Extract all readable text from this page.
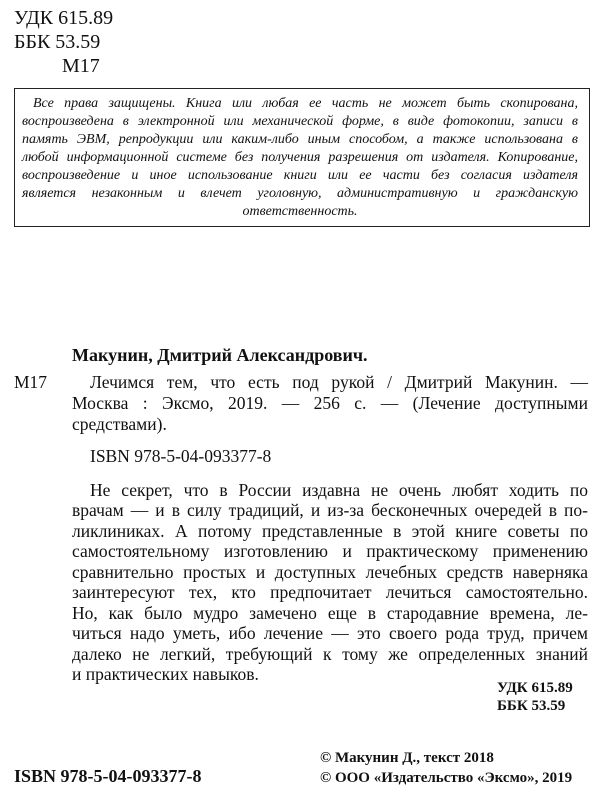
УДК 615.89
ББК 53.59
М17
Все права защищены. Книга или любая ее часть не может быть скопирована,
воспроизведена в электронной или механической форме, в виде фотокопии, записи в
память ЭВМ, репродукции или каким-либо иным способом, а также использована в
любой информационной системе без получения разрешения от издателя. Копирование,
воспроизведение и иное использование книги или ее части без согласия издателя
является незаконным и влечет уголовную, административную и гражданскую
ответственность.
Макунин, Дмитрий Александрович.
М17	Лечимся тем, что есть под рукой / Дмитрий Макунин. —
Москва : Эксмо, 2019. — 256 с. — (Лечение доступными
средствами).
ISBN 978-5-04-093377-8
Не секрет, что в России издавна не очень любят ходить по
врачам — и в силу традиций, и из-за бесконечных очередей в по-
ликлиниках. А потому представленные в этой книге советы по
самостоятельному изготовлению и практическому применению
сравнительно простых и доступных лечебных средств наверняка
заинтересуют тех, кто предпочитает лечиться самостоятельно.
Но, как было мудро замечено еще в стародавние времена, ле-
читься надо уметь, ибо лечение — это своего рода труд, причем
далеко не легкий, требующий к тому же определенных знаний
и практических навыков.
УДК 615.89
ББК 53.59
© Макунин Д., текст 2018
© ООО «Издательство «Эксмо», 2019
ISBN 978-5-04-093377-8
